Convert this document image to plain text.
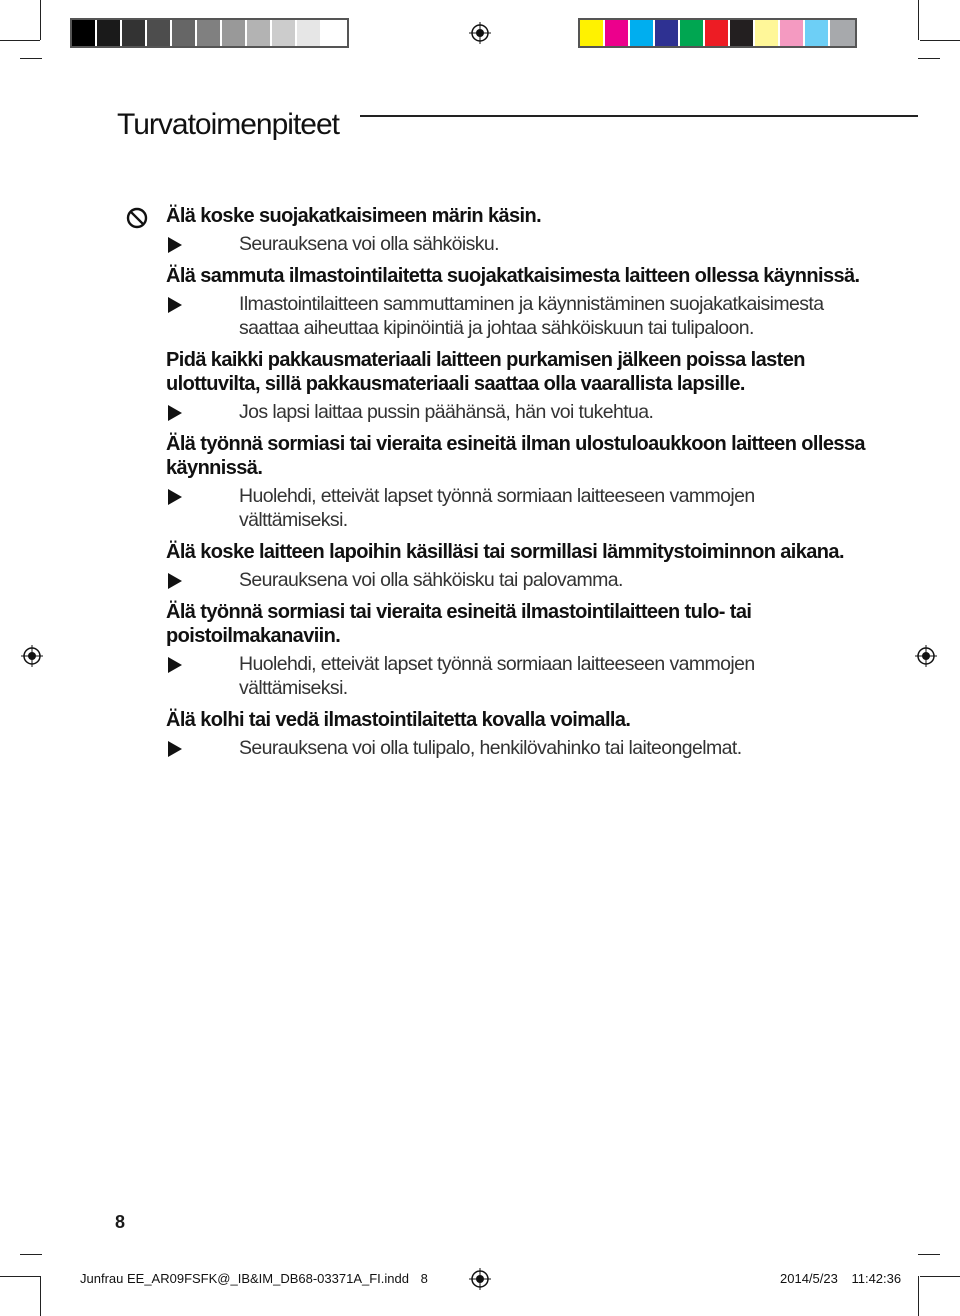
Turvatoimenpiteet

Älä koske suojakatkaisimeen märin käsin.

Seurauksena voi olla sähköisku.

Älä sammuta ilmastointilaitetta suojakatkaisimesta laitteen ollessa käynnissä.

Ilmastointilaitteen sammuttaminen ja käynnistäminen suojakatkaisimesta saattaa aiheuttaa kipinöintiä ja johtaa sähköiskuun tai tulipaloon.

Pidä kaikki pakkausmateriaali laitteen purkamisen jälkeen poissa lasten ulottuvilta, sillä pakkausmateriaali saattaa olla vaarallista lapsille.

Jos lapsi laittaa pussin päähänsä, hän voi tukehtua.

Älä työnnä sormiasi tai vieraita esineitä ilman ulostuloaukkoon laitteen ollessa käynnissä.

Huolehdi, etteivät lapset työnnä sormiaan laitteeseen vammojen välttämiseksi.

Älä koske laitteen lapoihin käsilläsi tai sormillasi lämmitystoiminnon aikana.

Seurauksena voi olla sähköisku tai palovamma.

Älä työnnä sormiasi tai vieraita esineitä ilmastointilaitteen tulo- tai poistoilmakanaviin.

Huolehdi, etteivät lapset työnnä sormiaan laitteeseen vammojen välttämiseksi.

Älä kolhi tai vedä ilmastointilaitetta kovalla voimalla.

Seurauksena voi olla tulipalo, henkilövahinko tai laiteongelmat.
8
Junfrau EE_AR09FSFK@_IB&IM_DB68-03371A_FI.indd 8	2014/5/23 11:42:36
